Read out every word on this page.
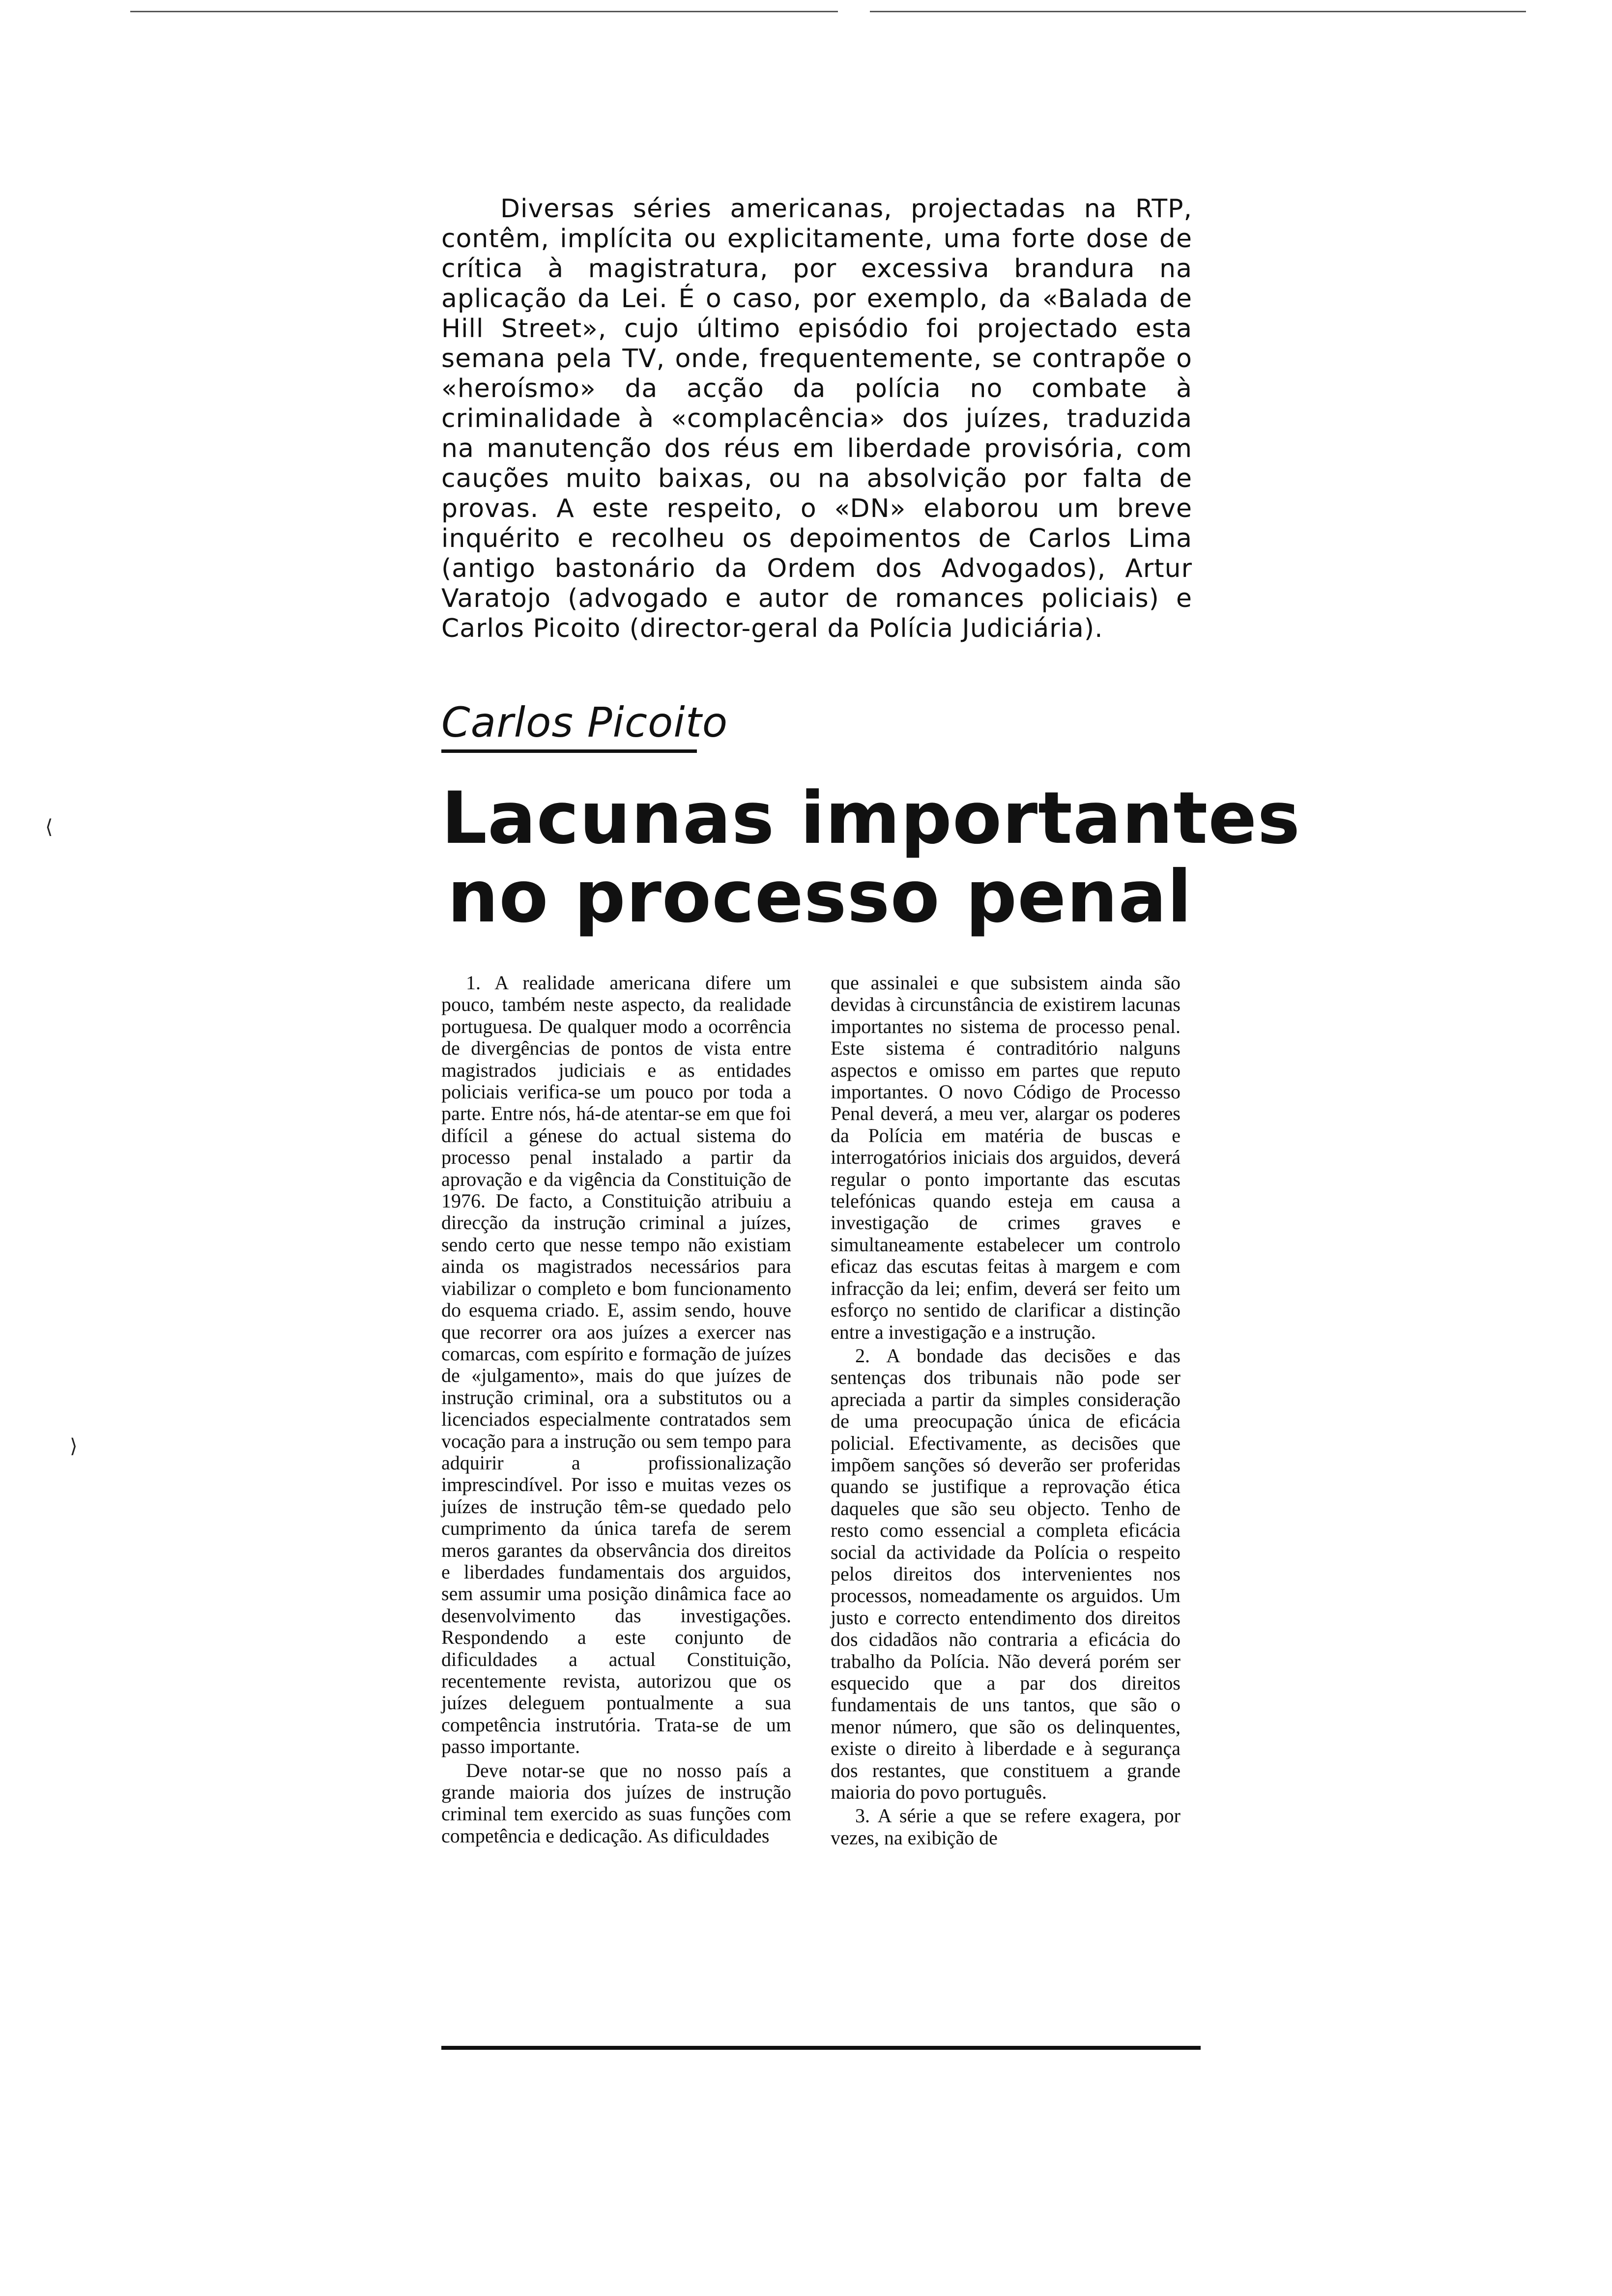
Diversas séries americanas, projectadas na RTP, contêm, implícita ou explicitamente, uma forte dose de crítica à magistratura, por excessiva brandura na aplicação da Lei. É o caso, por exemplo, da «Balada de Hill Street», cujo último episódio foi projectado esta semana pela TV, onde, frequentemente, se contrapõe o «heroísmo» da acção da polícia no combate à criminalidade à «complacência» dos juízes, traduzida na manutenção dos réus em liberdade provisória, com cauções muito baixas, ou na absolvição por falta de provas. A este respeito, o «DN» elaborou um breve inquérito e recolheu os depoimentos de Carlos Lima (antigo bastonário da Ordem dos Advogados), Artur Varatojo (advogado e autor de romances policiais) e Carlos Picoito (director-geral da Polícia Judiciária).

Carlos Picoito
Lacunas importantes
no processo penal

1. A realidade americana difere um pouco, também neste aspecto, da realidade portuguesa. De qualquer modo a ocorrência de divergências de pontos de vista entre magistrados judiciais e as entidades policiais verifica-se um pouco por toda a parte. Entre nós, há-de atentar-se em que foi difícil a génese do actual sistema do processo penal instalado a partir da aprovação e da vigência da Constituição de 1976. De facto, a Constituição atribuiu a direcção da instrução criminal a juízes, sendo certo que nesse tempo não existiam ainda os magistrados necessários para viabilizar o completo e bom funcionamento do esquema criado. E, assim sendo, houve que recorrer ora aos juízes a exercer nas comarcas, com espírito e formação de juízes de «julgamento», mais do que juízes de instrução criminal, ora a substitutos ou a licenciados especialmente contratados sem vocação para a instrução ou sem tempo para adquirir a profissionalização imprescindível. Por isso e muitas vezes os juízes de instrução têm-se quedado pelo cumprimento da única tarefa de serem meros garantes da observância dos direitos e liberdades fundamentais dos arguidos, sem assumir uma posição dinâmica face ao desenvolvimento das investigações. Respondendo a este conjunto de dificuldades a actual Constituição, recentemente revista, autorizou que os juízes deleguem pontualmente a sua competência instrutória. Trata-se de um passo importante.

Deve notar-se que no nosso país a grande maioria dos juízes de instrução criminal tem exercido as suas funções com competência e dedicação. As dificuldades

que assinalei e que subsistem ainda são devidas à circunstância de existirem lacunas importantes no sistema de processo penal. Este sistema é contraditório nalguns aspectos e omisso em partes que reputo importantes. O novo Código de Processo Penal deverá, a meu ver, alargar os poderes da Polícia em matéria de buscas e interrogatórios iniciais dos arguidos, deverá regular o ponto importante das escutas telefónicas quando esteja em causa a investigação de crimes graves e simultaneamente estabelecer um controlo eficaz das escutas feitas à margem e com infracção da lei; enfim, deverá ser feito um esforço no sentido de clarificar a distinção entre a investigação e a instrução.

2. A bondade das decisões e das sentenças dos tribunais não pode ser apreciada a partir da simples consideração de uma preocupação única de eficácia policial. Efectivamente, as decisões que impõem sanções só deverão ser proferidas quando se justifique a reprovação ética daqueles que são seu objecto. Tenho de resto como essencial a completa eficácia social da actividade da Polícia o respeito pelos direitos dos intervenientes nos processos, nomeadamente os arguidos. Um justo e correcto entendimento dos direitos dos cidadãos não contraria a eficácia do trabalho da Polícia. Não deverá porém ser esquecido que a par dos direitos fundamentais de uns tantos, que são o menor número, que são os delinquentes, existe o direito à liberdade e à segurança dos restantes, que constituem a grande maioria do povo português.

3. A série a que se refere exagera, por vezes, na exibição de

⟨
⟩
